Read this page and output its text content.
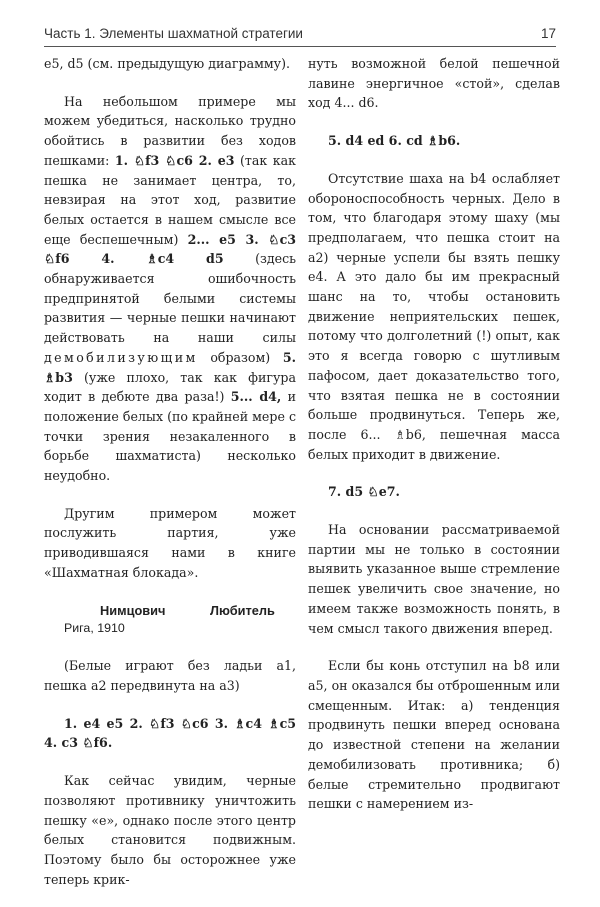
Часть 1. Элементы шахматной стратегии	17

е5, d5 (см. предыдущую диаграмму).

На небольшом примере мы можем убедиться, насколько трудно обойтись в развитии без ходов пешками: 1. ♘f3 ♘c6 2. e3 (так как пешка не занимает центра, то, невзирая на этот ход, развитие белых остается в нашем смысле все еще беспешечным) 2... e5 3. ♘c3 ♘f6 4. ♗c4 d5 (здесь обнаруживается ошибочность предпринятой белыми системы развития — черные пешки начинают действовать на наши силы демобилизующим образом) 5. ♗b3 (уже плохо, так как фигура ходит в дебюте два раза!) 5... d4, и положение белых (по крайней мере с точки зрения незакаленного в борьбе шахматиста) несколько неудобно.

Другим примером может послужить партия, уже приводившаяся нами в книге «Шахматная блокада».

Нимцович	Любитель

Рига, 1910

(Белые играют без ладьи а1, пешка а2 передвинута на а3)

1. e4 e5 2. ♘f3 ♘c6 3. ♗c4 ♗c5 4. c3 ♘f6.

Как сейчас увидим, черные позволяют противнику уничтожить пешку «е», однако после этого центр белых становится подвижным. Поэтому было бы осторожнее уже теперь крик-

нуть возможной белой пешечной лавине энергичное «стой», сделав ход 4... d6.

5. d4 ed 6. cd ♗b6.

Отсутствие шаха на b4 ослабляет обороноспособность черных. Дело в том, что благодаря этому шаху (мы предполагаем, что пешка стоит на а2) черные успели бы взять пешку е4. А это дало бы им прекрасный шанс на то, чтобы остановить движение неприятельских пешек, потому что долголетний (!) опыт, как это я всегда говорю с шутливым пафосом, дает доказательство того, что взятая пешка не в состоянии больше продвинуться. Теперь же, после 6... ♗b6, пешечная масса белых приходит в движение.

7. d5 ♘e7.

На основании рассматриваемой партии мы не только в состоянии выявить указанное выше стремление пешек увеличить свое значение, но имеем также возможность понять, в чем смысл такого движения вперед.

Если бы конь отступил на b8 или а5, он оказался бы отброшенным или смещенным. Итак: а) тенденция продвинуть пешки вперед основана до известной степени на желании демобилизовать противника; б) белые стремительно продвигают пешки с намерением из-
